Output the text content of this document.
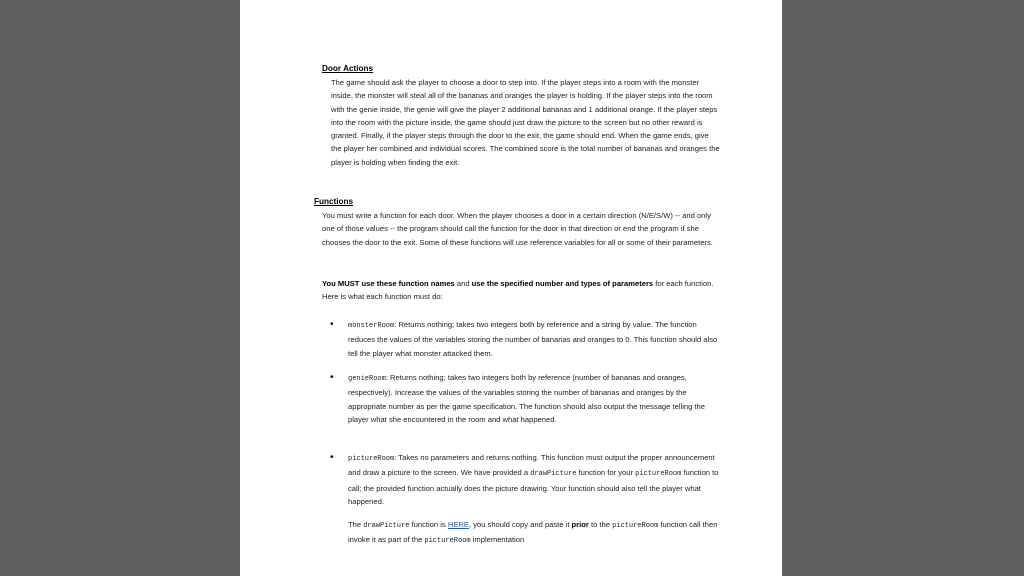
Door Actions
The game should ask the player to choose a door to step into. If the player steps into a room with the monster inside, the monster will steal all of the bananas and oranges the player is holding. If the player steps into the room with the genie inside, the genie will give the player 2 additional bananas and 1 additional orange. If the player steps into the room with the picture inside, the game should just draw the picture to the screen but no other reward is granted. Finally, if the player steps through the door to the exit, the game should end. When the game ends, give the player her combined and individual scores. The combined score is the total number of bananas and oranges the player is holding when finding the exit.
Functions
You must write a function for each door. When the player chooses a door in a certain direction (N/E/S/W) -- and only one of those values -- the program should call the function for the door in that direction or end the program if she chooses the door to the exit. Some of these functions will use reference variables for all or some of their parameters.
You MUST use these function names and use the specified number and types of parameters for each function. Here is what each function must do:
• monsterRoom: Returns nothing; takes two integers both by reference and a string by value. The function reduces the values of the variables storing the number of bananas and oranges to 0. This function should also tell the player what monster attacked them.
• genieRoom: Returns nothing; takes two integers both by reference (number of bananas and oranges, respectively). Increase the values of the variables storing the number of bananas and oranges by the appropriate number as per the game specification. The function should also output the message telling the player what she encountered in the room and what happened.
• pictureRoom: Takes no parameters and returns nothing. This function must output the proper announcement and draw a picture to the screen. We have provided a drawPicture function for your pictureRoom function to call; the provided function actually does the picture drawing. Your function should also tell the player what happened.
The drawPicture function is HERE, you should copy and paste it prior to the pictureRoom function call then invoke it as part of the pictureRoom implementation
